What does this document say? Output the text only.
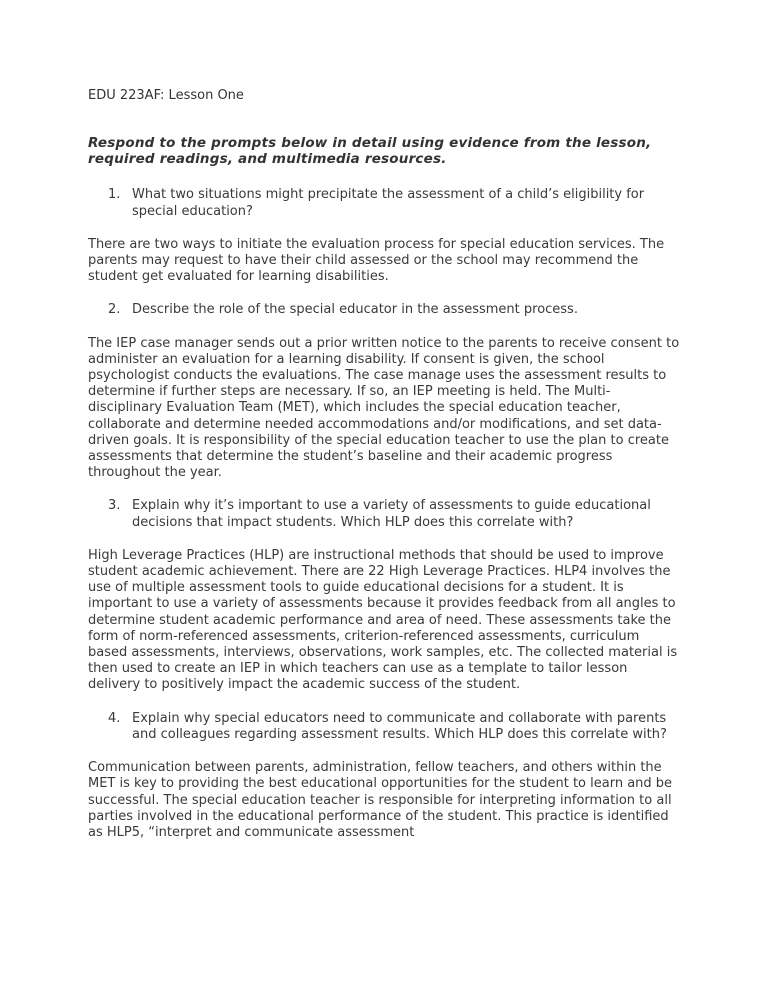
EDU 223AF: Lesson One

Respond to the prompts below in detail using evidence from the lesson, required readings, and multimedia resources.

1. What two situations might precipitate the assessment of a child’s eligibility for special education?

There are two ways to initiate the evaluation process for special education services. The parents may request to have their child assessed or the school may recommend the student get evaluated for learning disabilities.

2. Describe the role of the special educator in the assessment process.

The IEP case manager sends out a prior written notice to the parents to receive consent to administer an evaluation for a learning disability. If consent is given, the school psychologist conducts the evaluations. The case manage uses the assessment results to determine if further steps are necessary. If so, an IEP meeting is held. The Multi-disciplinary Evaluation Team (MET), which includes the special education teacher, collaborate and determine needed accommodations and/or modifications, and set data-driven goals. It is responsibility of the special education teacher to use the plan to create assessments that determine the student’s baseline and their academic progress throughout the year.

3. Explain why it’s important to use a variety of assessments to guide educational decisions that impact students. Which HLP does this correlate with?

High Leverage Practices (HLP) are instructional methods that should be used to improve student academic achievement. There are 22 High Leverage Practices. HLP4 involves the use of multiple assessment tools to guide educational decisions for a student. It is important to use a variety of assessments because it provides feedback from all angles to determine student academic performance and area of need. These assessments take the form of norm-referenced assessments, criterion-referenced assessments, curriculum based assessments, interviews, observations, work samples, etc. The collected material is then used to create an IEP in which teachers can use as a template to tailor lesson delivery to positively impact the academic success of the student.

4. Explain why special educators need to communicate and collaborate with parents and colleagues regarding assessment results. Which HLP does this correlate with?

Communication between parents, administration, fellow teachers, and others within the MET is key to providing the best educational opportunities for the student to learn and be successful. The special education teacher is responsible for interpreting information to all parties involved in the educational performance of the student. This practice is identified as HLP5, “interpret and communicate assessment
